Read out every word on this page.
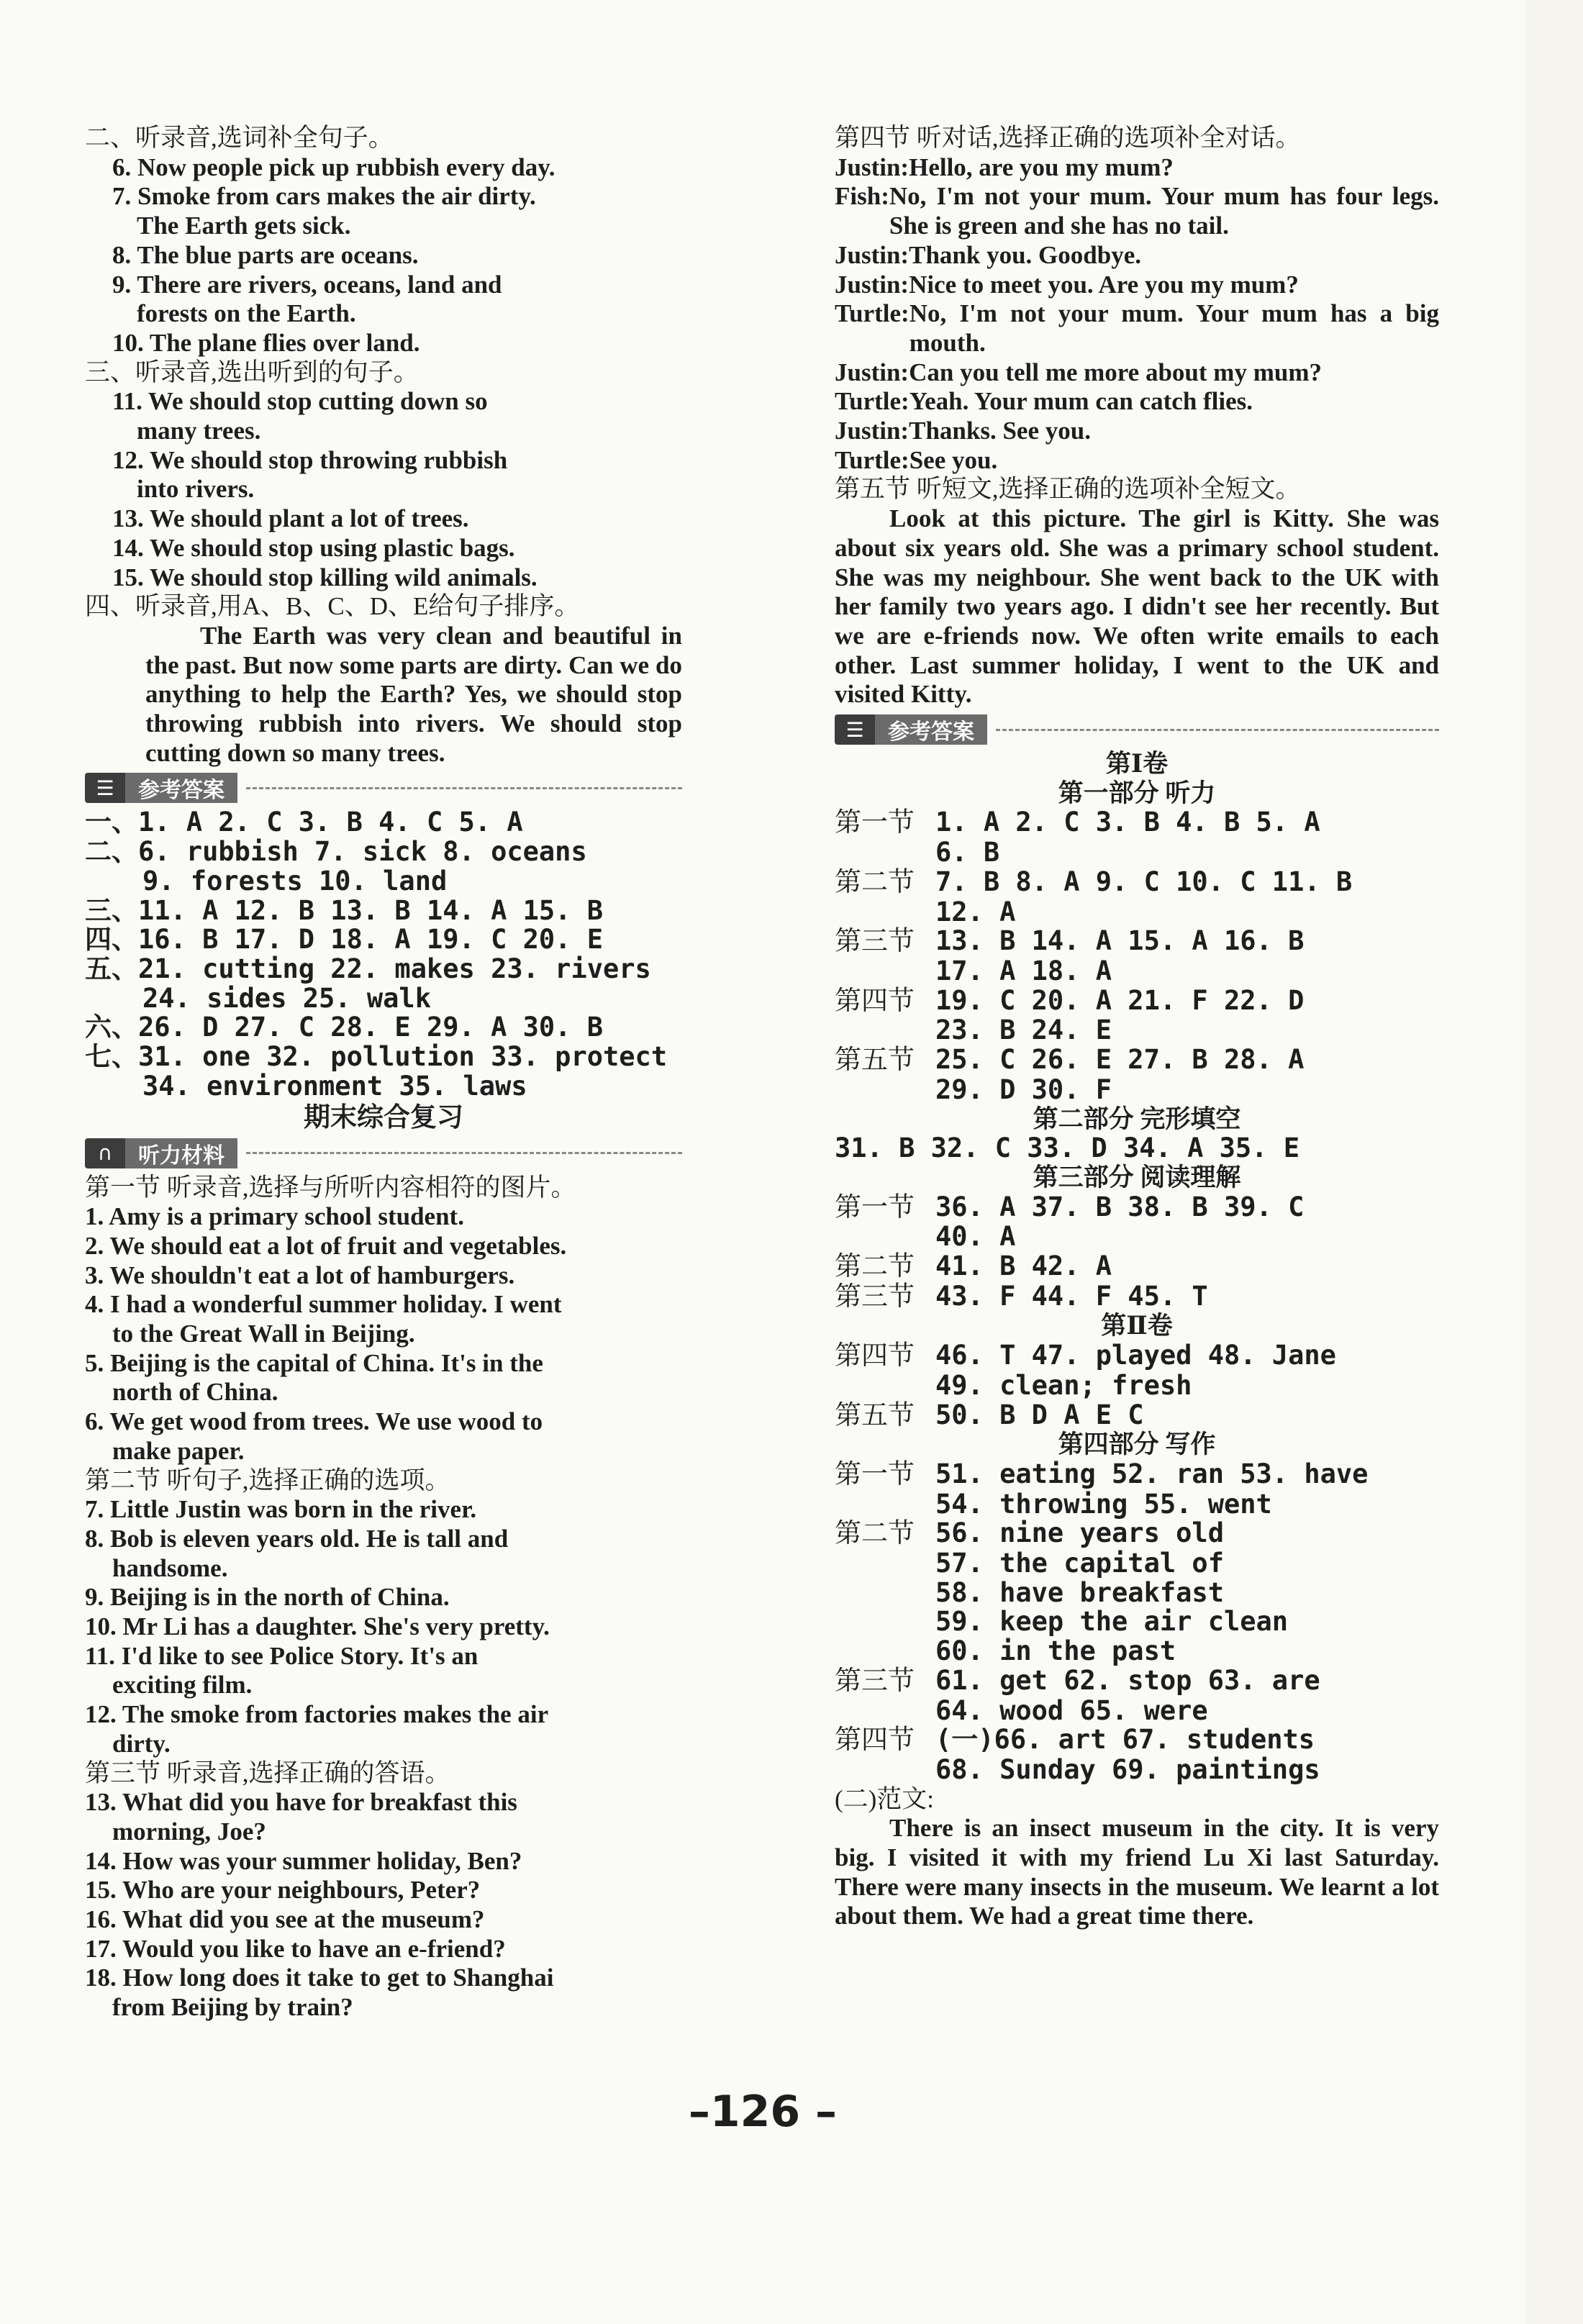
二、听录音,选词补全句子。
6. Now people pick up rubbish every day.
7. Smoke from cars makes the air dirty.
The Earth gets sick.
8. The blue parts are oceans.
9. There are rivers, oceans, land and
forests on the Earth.
10. The plane flies over land.
三、听录音,选出听到的句子。
11. We should stop cutting down so
many trees.
12. We should stop throwing rubbish
into rivers.
13. We should plant a lot of trees.
14. We should stop using plastic bags.
15. We should stop killing wild animals.
四、听录音,用A、B、C、D、E给句子排序。
The Earth was very clean and beautiful in the past. But now some parts are dirty. Can we do anything to help the Earth? Yes, we should stop throwing rubbish into rivers. We should stop cutting down so many trees.
☰	参考答案
一、1. A 2. C 3. B 4. C 5. A
二、6. rubbish 7. sick 8. oceans
9. forests 10. land
三、11. A 12. B 13. B 14. A 15. B
四、16. B 17. D 18. A 19. C 20. E
五、21. cutting 22. makes 23. rivers
24. sides 25. walk
六、26. D 27. C 28. E 29. A 30. B
七、31. one 32. pollution 33. protect
34. environment 35. laws
期末综合复习
∩	听力材料
第一节 听录音,选择与所听内容相符的图片。
1. Amy is a primary school student.
2. We should eat a lot of fruit and vegetables.
3. We shouldn't eat a lot of hamburgers.
4. I had a wonderful summer holiday. I went
to the Great Wall in Beijing.
5. Beijing is the capital of China. It's in the
north of China.
6. We get wood from trees. We use wood to
make paper.
第二节 听句子,选择正确的选项。
7. Little Justin was born in the river.
8. Bob is eleven years old. He is tall and
handsome.
9. Beijing is in the north of China.
10. Mr Li has a daughter. She's very pretty.
11. I'd like to see Police Story. It's an
exciting film.
12. The smoke from factories makes the air
dirty.
第三节 听录音,选择正确的答语。
13. What did you have for breakfast this
morning, Joe?
14. How was your summer holiday, Ben?
15. Who are your neighbours, Peter?
16. What did you see at the museum?
17. Would you like to have an e-friend?
18. How long does it take to get to Shanghai
from Beijing by train?
第四节 听对话,选择正确的选项补全对话。
Justin: Hello, are you my mum?
Fish: No, I'm not your mum. Your mum has four legs. She is green and she has no tail.
Justin: Thank you. Goodbye.
Justin: Nice to meet you. Are you my mum?
Turtle: No, I'm not your mum. Your mum has a big mouth.
Justin: Can you tell me more about my mum?
Turtle: Yeah. Your mum can catch flies.
Justin: Thanks. See you.
Turtle: See you.
第五节 听短文,选择正确的选项补全短文。
Look at this picture. The girl is Kitty. She was about six years old. She was a primary school student. She was my neighbour. She went back to the UK with her family two years ago. I didn't see her recently. But we are e-friends now. We often write emails to each other. Last summer holiday, I went to the UK and visited Kitty.
☰	参考答案
第Ⅰ卷
第一部分 听力
第一节 1. A 2. C 3. B 4. B 5. A
6. B
第二节 7. B 8. A 9. C 10. C 11. B
12. A
第三节 13. B 14. A 15. A 16. B
17. A 18. A
第四节 19. C 20. A 21. F 22. D
23. B 24. E
第五节 25. C 26. E 27. B 28. A
29. D 30. F
第二部分 完形填空
31. B 32. C 33. D 34. A 35. E
第三部分 阅读理解
第一节 36. A 37. B 38. B 39. C
40. A
第二节 41. B 42. A
第三节 43. F 44. F 45. T
第Ⅱ卷
第四节 46. T 47. played 48. Jane
49. clean; fresh
第五节 50. B D A E C
第四部分 写作
第一节 51. eating 52. ran 53. have
54. throwing 55. went
第二节 56. nine years old
57. the capital of
58. have breakfast
59. keep the air clean
60. in the past
第三节 61. get 62. stop 63. are
64. wood 65. were
第四节 (一)66. art 67. students
68. Sunday 69. paintings
(二)范文:
There is an insect museum in the city. It is very big. I visited it with my friend Lu Xi last Saturday. There were many insects in the museum. We learnt a lot about them. We had a great time there.
–126 –
